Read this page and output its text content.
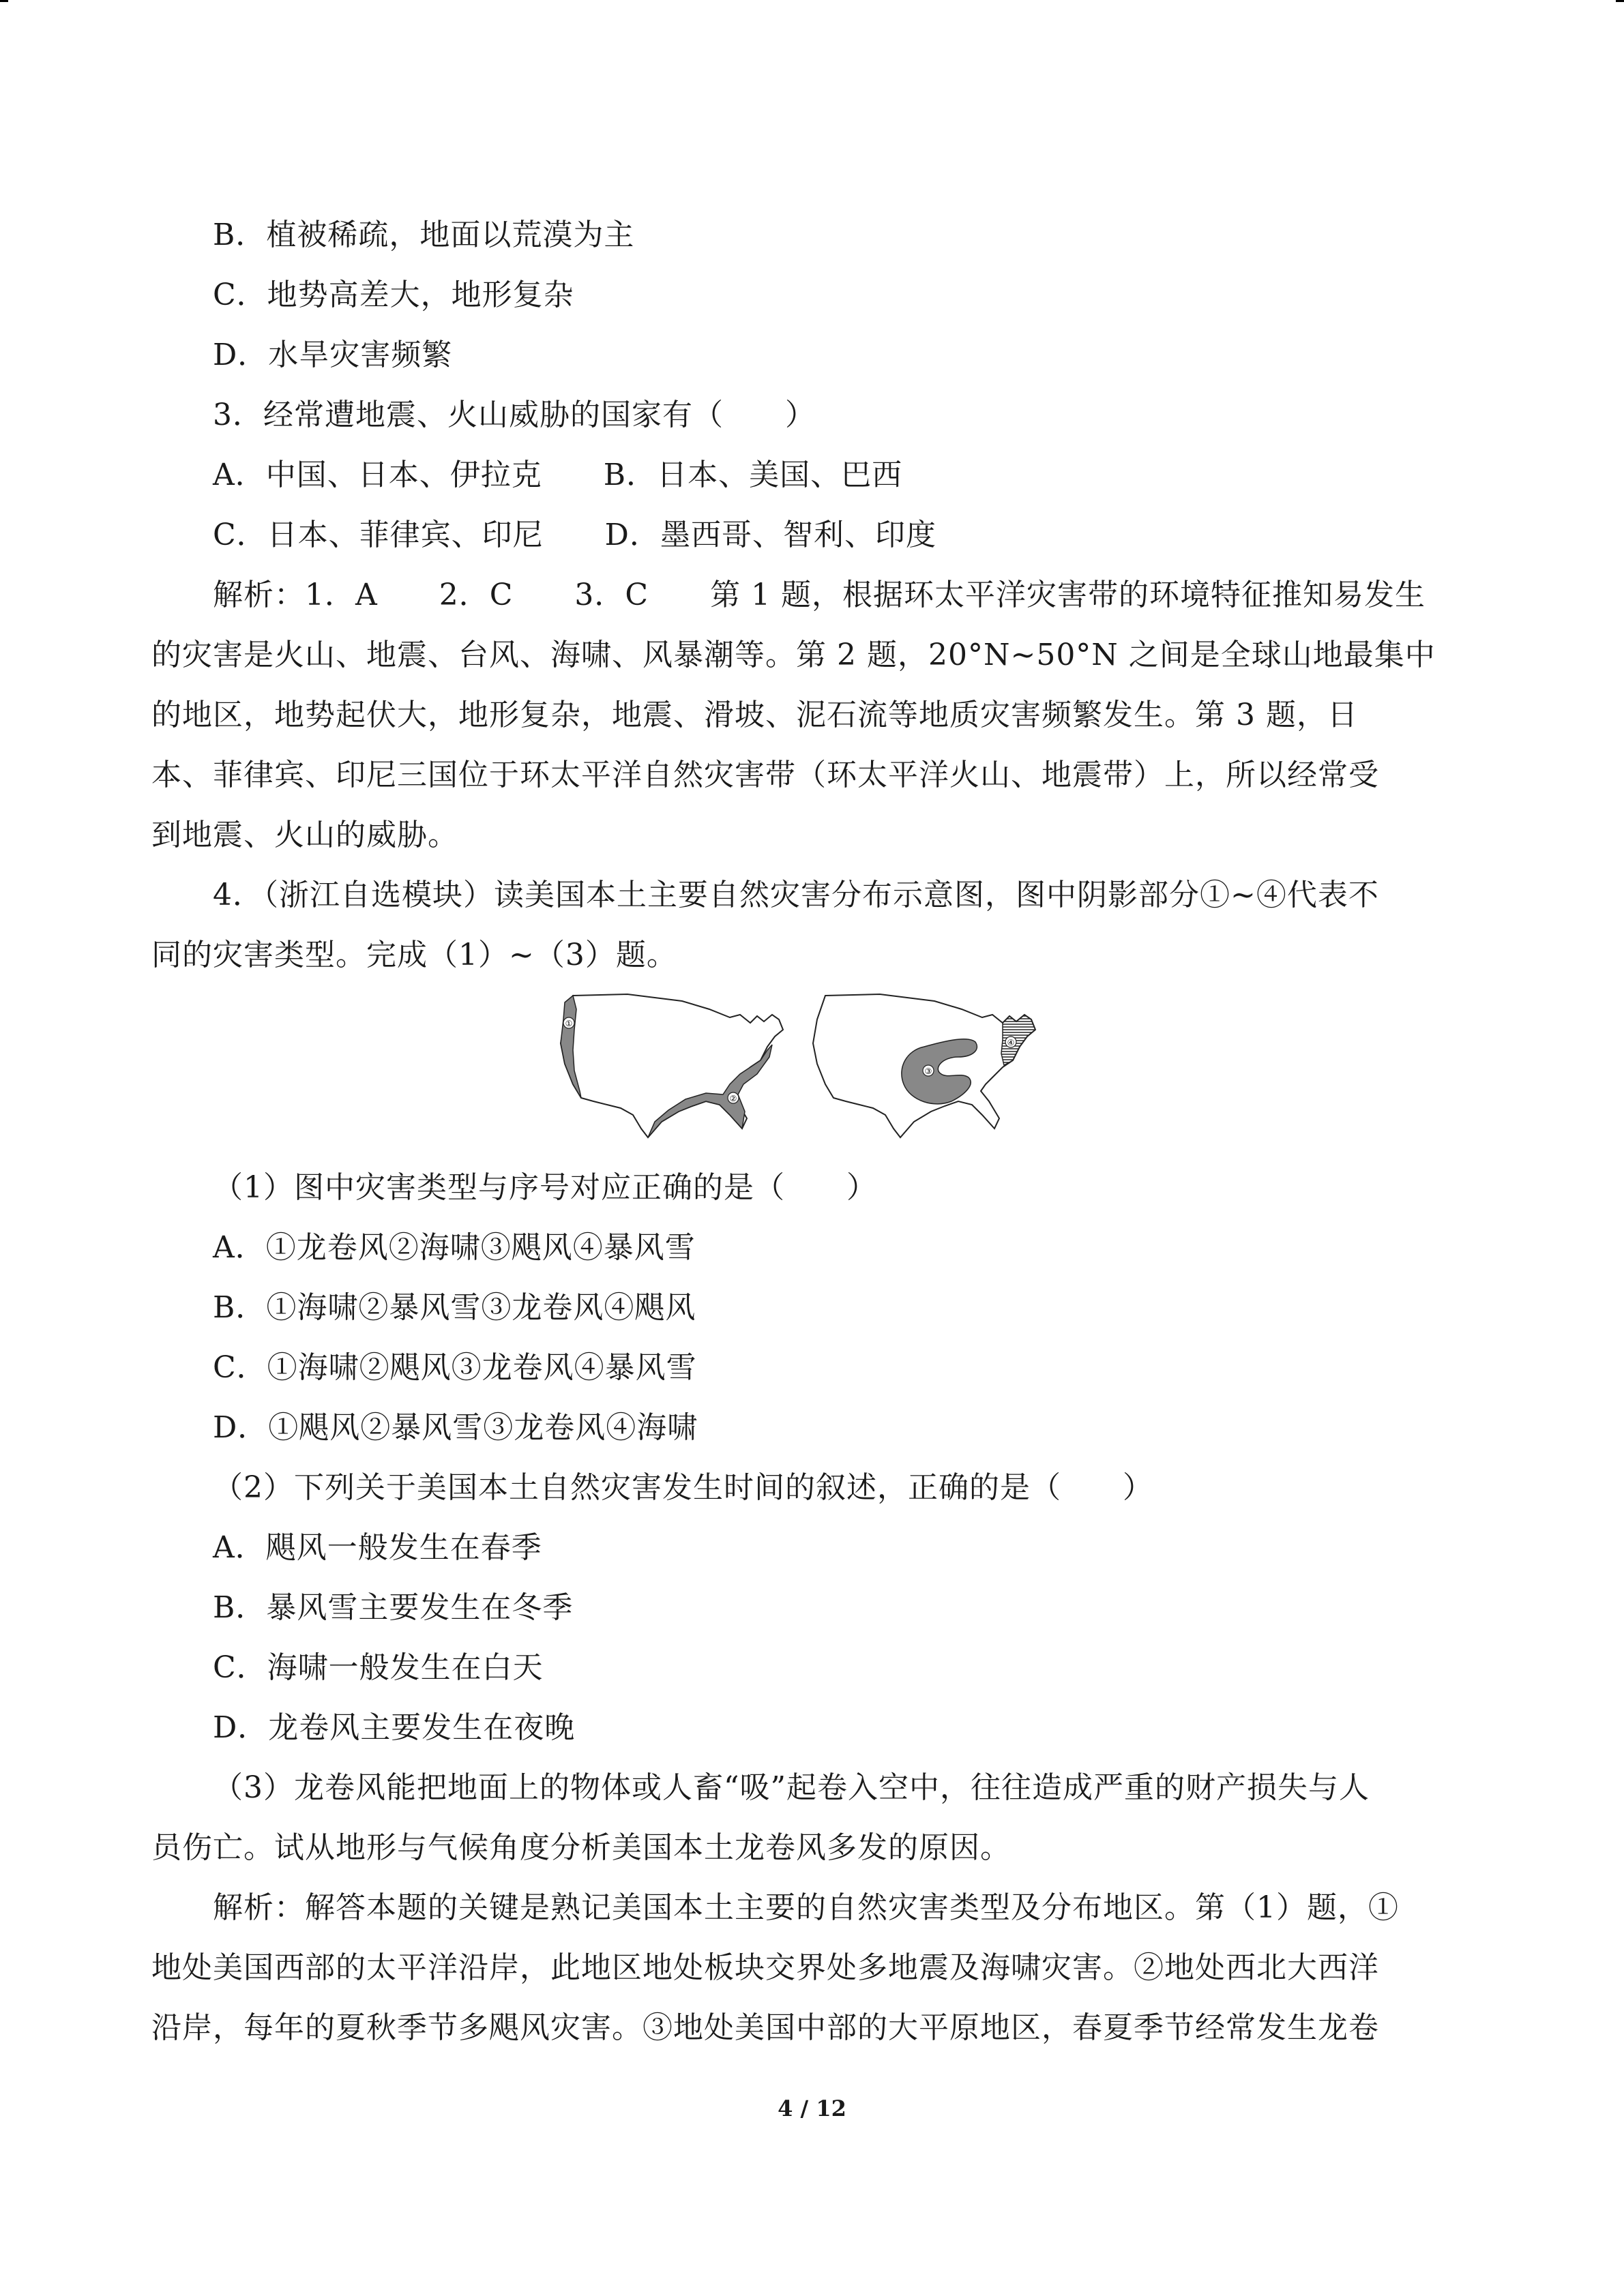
B．植被稀疏，地面以荒漠为主
C．地势高差大，地形复杂
D．水旱灾害频繁
3．经常遭地震、火山威胁的国家有（　　）
A．中国、日本、伊拉克　　B．日本、美国、巴西
C．日本、菲律宾、印尼　　D．墨西哥、智利、印度
解析：1．A　　2．C　　3．C　　第 1 题，根据环太平洋灾害带的环境特征推知易发生
的灾害是火山、地震、台风、海啸、风暴潮等。第 2 题，20°N~50°N 之间是全球山地最集中
的地区，地势起伏大，地形复杂，地震、滑坡、泥石流等地质灾害频繁发生。第 3 题，日
本、菲律宾、印尼三国位于环太平洋自然灾害带（环太平洋火山、地震带）上，所以经常受
到地震、火山的威胁。
4．（浙江自选模块）读美国本土主要自然灾害分布示意图，图中阴影部分①~④代表不
同的灾害类型。完成（1）~（3）题。
①
②
③
④
（1）图中灾害类型与序号对应正确的是（　　）
A．①龙卷风②海啸③飓风④暴风雪
B．①海啸②暴风雪③龙卷风④飓风
C．①海啸②飓风③龙卷风④暴风雪
D．①飓风②暴风雪③龙卷风④海啸
（2）下列关于美国本土自然灾害发生时间的叙述，正确的是（　　）
A．飓风一般发生在春季
B．暴风雪主要发生在冬季
C．海啸一般发生在白天
D．龙卷风主要发生在夜晚
（3）龙卷风能把地面上的物体或人畜“吸”起卷入空中，往往造成严重的财产损失与人
员伤亡。试从地形与气候角度分析美国本土龙卷风多发的原因。
解析：解答本题的关键是熟记美国本土主要的自然灾害类型及分布地区。第（1）题，①
地处美国西部的太平洋沿岸，此地区地处板块交界处多地震及海啸灾害。②地处西北大西洋
沿岸，每年的夏秋季节多飓风灾害。③地处美国中部的大平原地区，春夏季节经常发生龙卷
4 / 12
